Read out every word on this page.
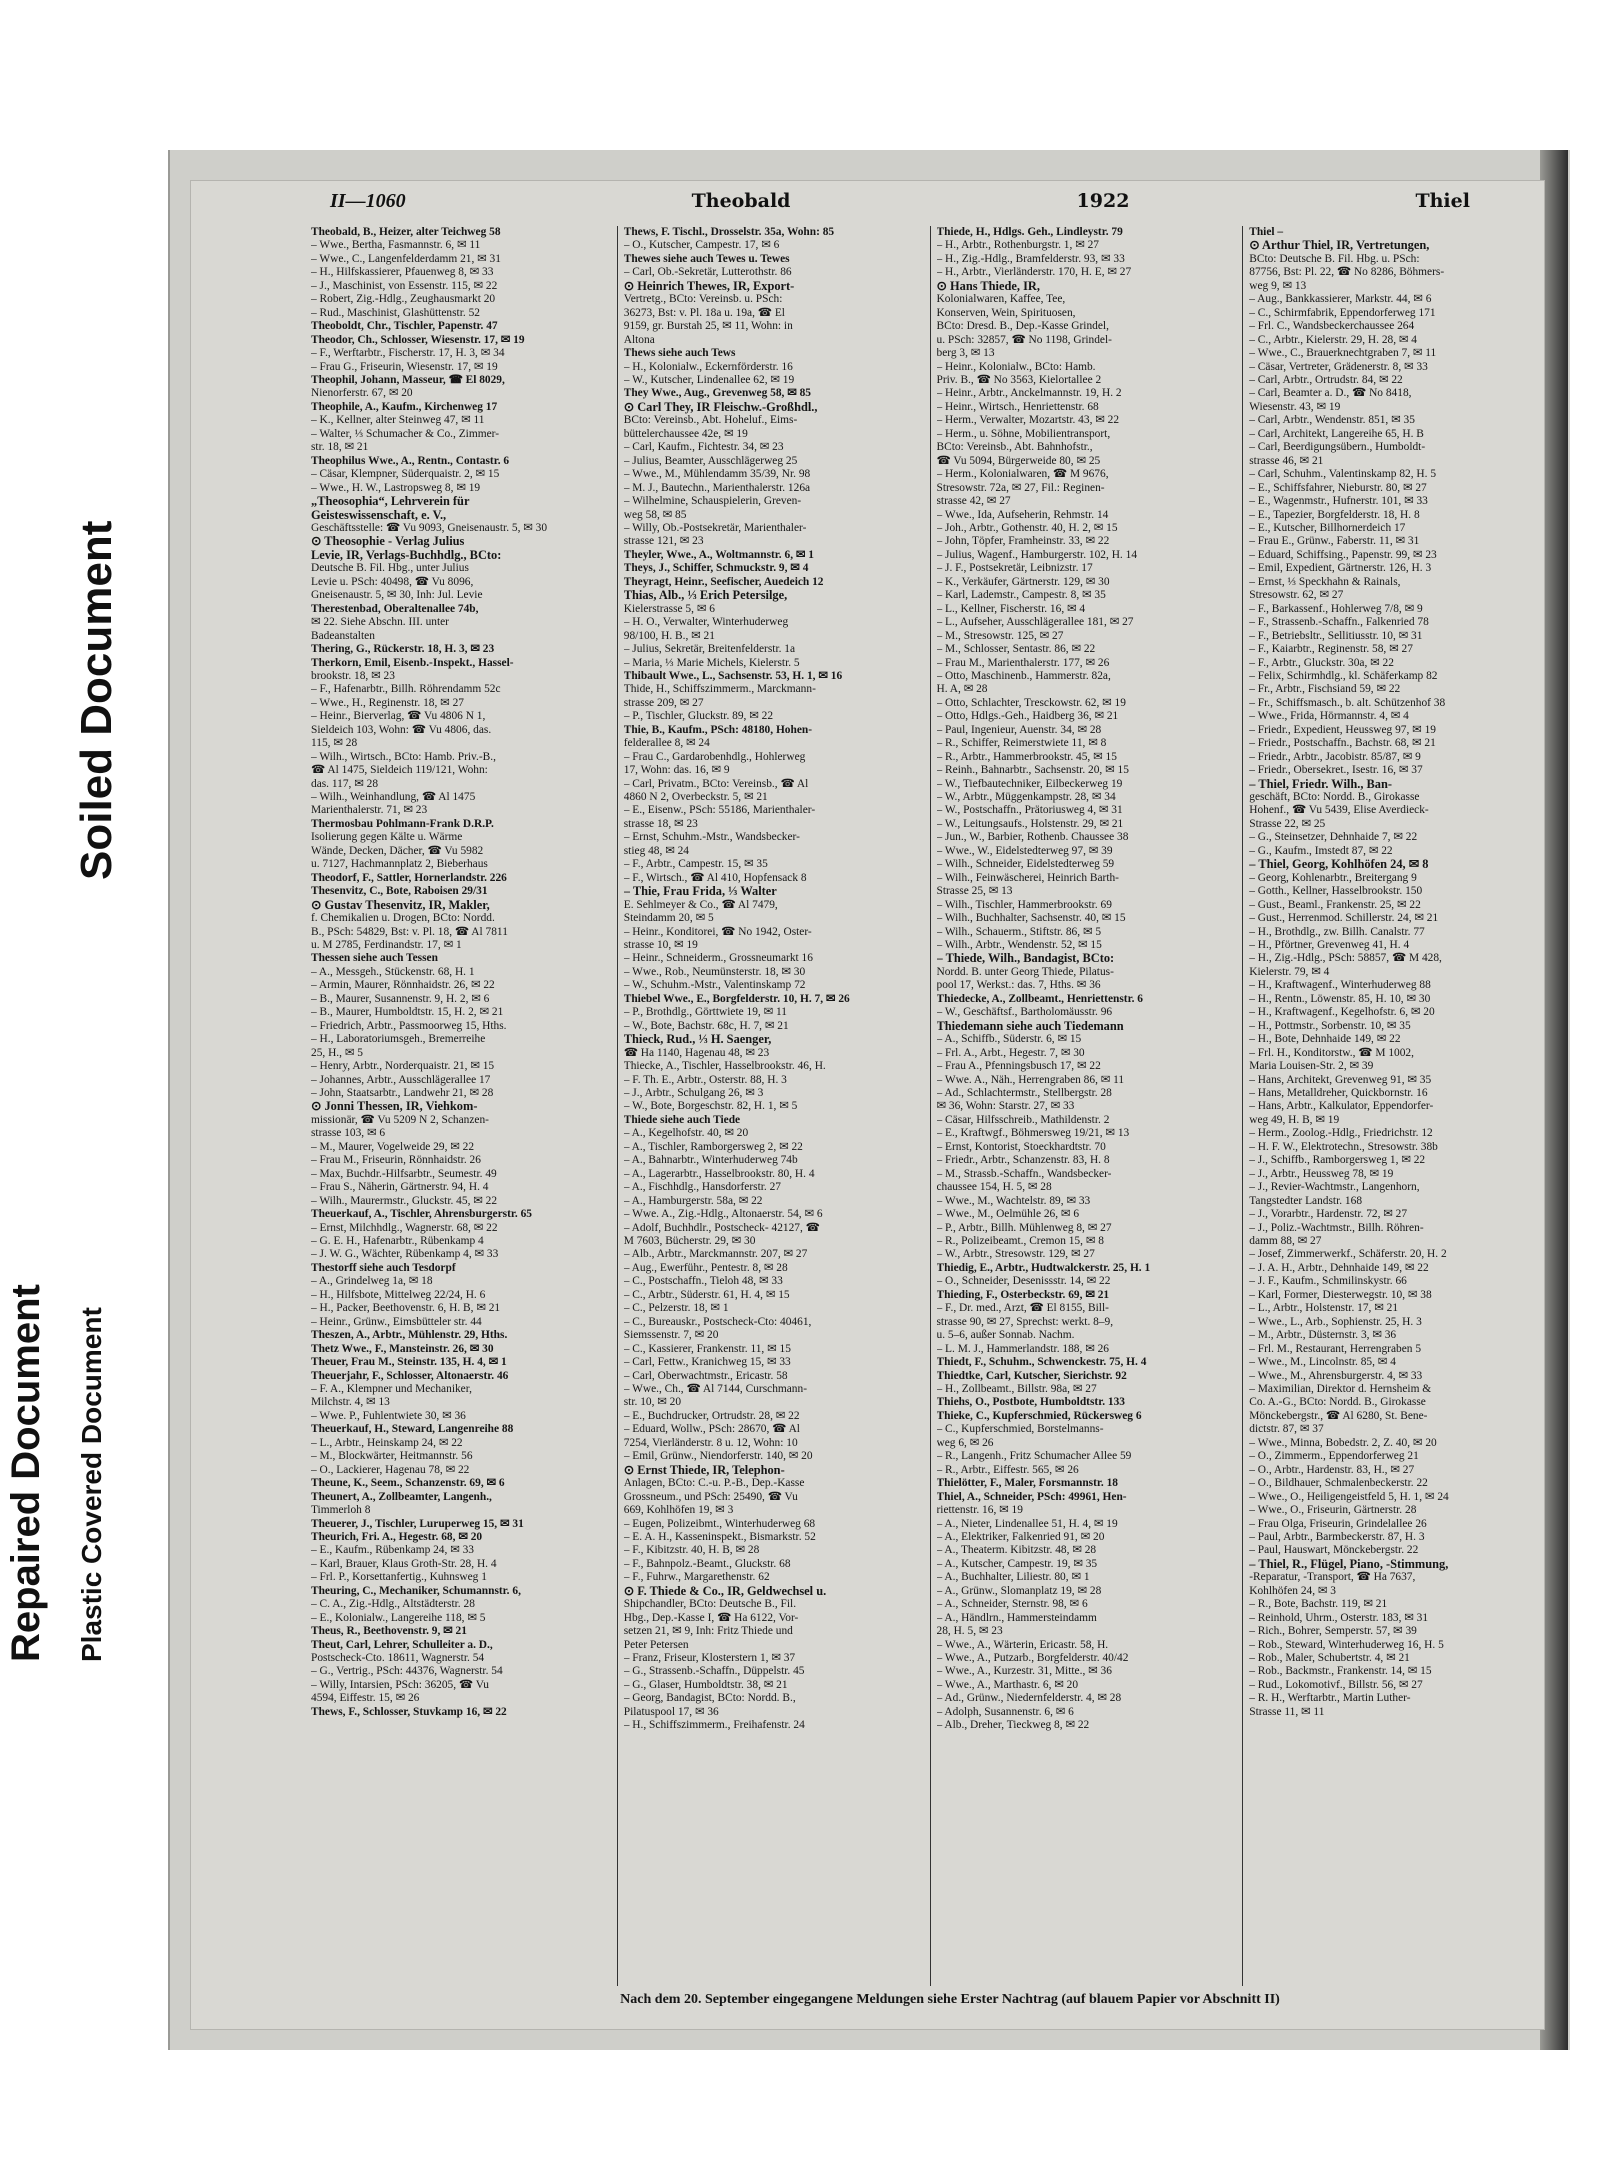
Soiled Document
Repaired Document Plastic Covered Document
II—1060	Theobald	1922	Thiel

Theobald, B., Heizer, alter Teichweg 58

– Wwe., Bertha, Fasmannstr. 6, ✉ 11

– Wwe., C., Langenfelderdamm 21, ✉ 31

– H., Hilfskassierer, Pfauenweg 8, ✉ 33

– J., Maschinist, von Essenstr. 115, ✉ 22

– Robert, Zig.-Hdlg., Zeughausmarkt 20

– Rud., Maschinist, Glashüttenstr. 52

Theoboldt, Chr., Tischler, Papenstr. 47

Theodor, Ch., Schlosser, Wiesenstr. 17, ✉ 19

– F., Werftarbtr., Fischerstr. 17, H. 3, ✉ 34

– Frau G., Friseurin, Wiesenstr. 17, ✉ 19

Theophil, Johann, Masseur, ☎ El 8029,

Nienorferstr. 67, ✉ 20

Theophile, A., Kaufm., Kirchenweg 17

– K., Kellner, alter Steinweg 47, ✉ 11

– Walter, ⅓ Schumacher & Co., Zimmer-

str. 18, ✉ 21

Theophilus Wwe., A., Rentn., Contastr. 6

– Cäsar, Klempner, Süderquaistr. 2, ✉ 15

– Wwe., H. W., Lastropsweg 8, ✉ 19

„Theosophia“, Lehrverein für

Geisteswissenschaft, e. V.,

Geschäftsstelle: ☎ Vu 9093, Gneisenaustr. 5, ✉ 30

⊙ Theosophie - Verlag Julius

Levie, IR, Verlags-Buchhdlg., BCto:

Deutsche B. Fil. Hbg., unter Julius

Levie u. PSch: 40498, ☎ Vu 8096,

Gneisenaustr. 5, ✉ 30, Inh: Jul. Levie

Therestenbad, Oberaltenallee 74b,

✉ 22. Siehe Abschn. III. unter

Badeanstalten

Thering, G., Rückerstr. 18, H. 3, ✉ 23

Therkorn, Emil, Eisenb.-Inspekt., Hassel-

brookstr. 18, ✉ 23

– F., Hafenarbtr., Billh. Röhrendamm 52c

– Wwe., H., Reginenstr. 18, ✉ 27

– Heinr., Bierverlag, ☎ Vu 4806 N 1,

Sieldeich 103, Wohn: ☎ Vu 4806, das.

115, ✉ 28

– Wilh., Wirtsch., BCto: Hamb. Priv.-B.,

☎ Al 1475, Sieldeich 119/121, Wohn:

das. 117, ✉ 28

– Wilh., Weinhandlung, ☎ Al 1475

Marienthalerstr. 71, ✉ 23

Thermosbau Pohlmann-Frank D.R.P.

Isolierung gegen Kälte u. Wärme

Wände, Decken, Dächer, ☎ Vu 5982

u. 7127, Hachmannplatz 2, Bieberhaus

Theodorf, F., Sattler, Hornerlandstr. 226

Thesenvitz, C., Bote, Raboisen 29/31

⊙ Gustav Thesenvitz, IR, Makler,

f. Chemikalien u. Drogen, BCto: Nordd.

B., PSch: 54829, Bst: v. Pl. 18, ☎ Al 7811

u. M 2785, Ferdinandstr. 17, ✉ 1

Thessen siehe auch Tessen

– A., Messgeh., Stückenstr. 68, H. 1

– Armin, Maurer, Rönnhaidstr. 26, ✉ 22

– B., Maurer, Susannenstr. 9, H. 2, ✉ 6

– B., Maurer, Humboldtstr. 15, H. 2, ✉ 21

– Friedrich, Arbtr., Passmoorweg 15, Hths.

– H., Laboratoriumsgeh., Bremerreihe

25, H., ✉ 5

– Henry, Arbtr., Norderquaistr. 21, ✉ 15

– Johannes, Arbtr., Ausschlägerallee 17

– John, Staatsarbtr., Landwehr 21, ✉ 28

⊙ Jonni Thessen, IR, Viehkom-

missionär, ☎ Vu 5209 N 2, Schanzen-

strasse 103, ✉ 6

– M., Maurer, Vogelweide 29, ✉ 22

– Frau M., Friseurin, Rönnhaidstr. 26

– Max, Buchdr.-Hilfsarbtr., Seumestr. 49

– Frau S., Näherin, Gärtnerstr. 94, H. 4

– Wilh., Maurermstr., Gluckstr. 45, ✉ 22

Theuerkauf, A., Tischler, Ahrensburgerstr. 65

– Ernst, Milchhdlg., Wagnerstr. 68, ✉ 22

– G. E. H., Hafenarbtr., Rübenkamp 4

– J. W. G., Wächter, Rübenkamp 4, ✉ 33

Thestorff siehe auch Tesdorpf

– A., Grindelweg 1a, ✉ 18

– H., Hilfsbote, Mittelweg 22/24, H. 6

– H., Packer, Beethovenstr. 6, H. B, ✉ 21

– Heinr., Grünw., Eimsbütteler str. 44

Theszen, A., Arbtr., Mühlenstr. 29, Hths.

Thetz Wwe., F., Mansteinstr. 26, ✉ 30

Theuer, Frau M., Steinstr. 135, H. 4, ✉ 1

Theuerjahr, F., Schlosser, Altonaerstr. 46

– F. A., Klempner und Mechaniker,

Milchstr. 4, ✉ 13

– Wwe. P., Fuhlentwiete 30, ✉ 36

Theuerkauf, H., Steward, Langenreihe 88

– L., Arbtr., Heinskamp 24, ✉ 22

– M., Blockwärter, Heitmannstr. 56

– O., Lackierer, Hagenau 78, ✉ 22

Theune, K., Seem., Schanzenstr. 69, ✉ 6

Theunert, A., Zollbeamter, Langenh.,

Timmerloh 8

Theuerer, J., Tischler, Luruperweg 15, ✉ 31

Theurich, Fri. A., Hegestr. 68, ✉ 20

– E., Kaufm., Rübenkamp 24, ✉ 33

– Karl, Brauer, Klaus Groth-Str. 28, H. 4

– Frl. P., Korsettanfertig., Kuhnsweg 1

Theuring, C., Mechaniker, Schumannstr. 6,

– C. A., Zig.-Hdlg., Altstädterstr. 28

– E., Kolonialw., Langereihe 118, ✉ 5

Theus, R., Beethovenstr. 9, ✉ 21

Theut, Carl, Lehrer, Schulleiter a. D.,

Postscheck-Cto. 18611, Wagnerstr. 54

– G., Vertrig., PSch: 44376, Wagnerstr. 54

– Willy, Intarsien, PSch: 36205, ☎ Vu

4594, Eiffestr. 15, ✉ 26

Thews, F., Schlosser, Stuvkamp 16, ✉ 22

Thews, F. Tischl., Drosselstr. 35a, Wohn: 85

– O., Kutscher, Campestr. 17, ✉ 6

Thewes siehe auch Tewes u. Tewes

– Carl, Ob.-Sekretär, Lutterothstr. 86

⊙ Heinrich Thewes, IR, Export-

Vertretg., BCto: Vereinsb. u. PSch:

36273, Bst: v. Pl. 18a u. 19a, ☎ El

9159, gr. Burstah 25, ✉ 11, Wohn: in

Altona

Thews siehe auch Tews

– H., Kolonialw., Eckernförderstr. 16

– W., Kutscher, Lindenallee 62, ✉ 19

They Wwe., Aug., Grevenweg 58, ✉ 85

⊙ Carl They, IR Fleischw.-Großhdl.,

BCto: Vereinsb., Abt. Hoheluf., Eims-

büttelerchaussee 42e, ✉ 19

– Carl, Kaufm., Fichtestr. 34, ✉ 23

– Julius, Beamter, Ausschlägerweg 25

– Wwe., M., Mühlendamm 35/39, Nr. 98

– M. J., Bautechn., Marienthalerstr. 126a

– Wilhelmine, Schauspielerin, Greven-

weg 58, ✉ 85

– Willy, Ob.-Postsekretär, Marienthaler-

strasse 121, ✉ 23

Theyler, Wwe., A., Woltmannstr. 6, ✉ 1

Theys, J., Schiffer, Schmuckstr. 9, ✉ 4

Theyragt, Heinr., Seefischer, Auedeich 12

Thias, Alb., ⅓ Erich Petersilge,

Kielerstrasse 5, ✉ 6

– H. O., Verwalter, Winterhuderweg

98/100, H. B., ✉ 21

– Julius, Sekretär, Breitenfelderstr. 1a

– Maria, ⅓ Marie Michels, Kielerstr. 5

Thibault Wwe., L., Sachsenstr. 53, H. 1, ✉ 16

Thide, H., Schiffszimmerm., Marckmann-

strasse 209, ✉ 27

– P., Tischler, Gluckstr. 89, ✉ 22

Thie, B., Kaufm., PSch: 48180, Hohen-

felderallee 8, ✉ 24

– Frau C., Gardarobenhdlg., Hohlerweg

17, Wohn: das. 16, ✉ 9

– Carl, Privatm., BCto: Vereinsb., ☎ Al

4860 N 2, Overbeckstr. 5, ✉ 21

– E., Eisenw., PSch: 55186, Marienthaler-

strasse 18, ✉ 23

– Ernst, Schuhm.-Mstr., Wandsbecker-

stieg 48, ✉ 24

– F., Arbtr., Campestr. 15, ✉ 35

– F., Wirtsch., ☎ Al 410, Hopfensack 8

– Thie, Frau Frida, ⅓ Walter

E. Sehlmeyer & Co., ☎ Al 7479,

Steindamm 20, ✉ 5

– Heinr., Konditorei, ☎ No 1942, Oster-

strasse 10, ✉ 19

– Heinr., Schneiderm., Grossneumarkt 16

– Wwe., Rob., Neumünsterstr. 18, ✉ 30

– W., Schuhm.-Mstr., Valentinskamp 72

Thiebel Wwe., E., Borgfelderstr. 10, H. 7, ✉ 26

– P., Brothdlg., Görttwiete 19, ✉ 11

– W., Bote, Bachstr. 68c, H. 7, ✉ 21

Thieck, Rud., ⅓ H. Saenger,

☎ Ha 1140, Hagenau 48, ✉ 23

Thiecke, A., Tischler, Hasselbrookstr. 46, H.

– F. Th. E., Arbtr., Osterstr. 88, H. 3

– J., Arbtr., Schulgang 26, ✉ 3

– W., Bote, Borgeschstr. 82, H. 1, ✉ 5

Thiede siehe auch Tiede

– A., Kegelhofstr. 40, ✉ 20

– A., Tischler, Ramborgersweg 2, ✉ 22

– A., Bahnarbtr., Winterhuderweg 74b

– A., Lagerarbtr., Hasselbrookstr. 80, H. 4

– A., Fischhdlg., Hansdorferstr. 27

– A., Hamburgerstr. 58a, ✉ 22

– Wwe. A., Zig.-Hdlg., Altonaerstr. 54, ✉ 6

– Adolf, Buchhdlr., Postscheck- 42127, ☎

M 7603, Bücherstr. 29, ✉ 30

– Alb., Arbtr., Marckmannstr. 207, ✉ 27

– Aug., Ewerführ., Pentestr. 8, ✉ 28

– C., Postschaffn., Tieloh 48, ✉ 33

– C., Arbtr., Süderstr. 61, H. 4, ✉ 15

– C., Pelzerstr. 18, ✉ 1

– C., Bureauskr., Postscheck-Cto: 40461,

Siemssenstr. 7, ✉ 20

– C., Kassierer, Frankenstr. 11, ✉ 15

– Carl, Fettw., Kranichweg 15, ✉ 33

– Carl, Oberwachtmstr., Ericastr. 58

– Wwe., Ch., ☎ Al 7144, Curschmann-

str. 10, ✉ 20

– E., Buchdrucker, Ortrudstr. 28, ✉ 22

– Eduard, Wollw., PSch: 28670, ☎ Al

7254, Vierländerstr. 8 u. 12, Wohn: 10

– Emil, Grünw., Niendorferstr. 140, ✉ 20

⊙ Ernst Thiede, IR, Telephon-

Anlagen, BCto: C.-u. P.-B., Dep.-Kasse

Grossneum., und PSch: 25490, ☎ Vu

669, Kohlhöfen 19, ✉ 3

– Eugen, Polizeibmt., Winterhuderweg 68

– E. A. H., Kasseninspekt., Bismarkstr. 52

– F., Kibitzstr. 40, H. B, ✉ 28

– F., Bahnpolz.-Beamt., Gluckstr. 68

– F., Fuhrw., Margarethenstr. 62

⊙ F. Thiede & Co., IR, Geldwechsel u.

Shipchandler, BCto: Deutsche B., Fil.

Hbg., Dep.-Kasse I, ☎ Ha 6122, Vor-

setzen 21, ✉ 9, Inh: Fritz Thiede und

Peter Petersen

– Franz, Friseur, Klosterstern 1, ✉ 37

– G., Strassenb.-Schaffn., Düppelstr. 45

– G., Glaser, Humboldtstr. 38, ✉ 21

– Georg, Bandagist, BCto: Nordd. B.,

Pilatuspool 17, ✉ 36

– H., Schiffszimmerm., Freihafenstr. 24

Thiede, H., Hdlgs. Geh., Lindleystr. 79

– H., Arbtr., Rothenburgstr. 1, ✉ 27

– H., Zig.-Hdlg., Bramfelderstr. 93, ✉ 33

– H., Arbtr., Vierländerstr. 170, H. E, ✉ 27

⊙ Hans Thiede, IR,

Kolonialwaren, Kaffee, Tee,

Konserven, Wein, Spirituosen,

BCto: Dresd. B., Dep.-Kasse Grindel,

u. PSch: 32857, ☎ No 1198, Grindel-

berg 3, ✉ 13

– Heinr., Kolonialw., BCto: Hamb.

Priv. B., ☎ No 3563, Kielortallee 2

– Heinr., Arbtr., Anckelmannstr. 19, H. 2

– Heinr., Wirtsch., Henriettenstr. 68

– Herm., Verwalter, Mozartstr. 43, ✉ 22

– Herm., u. Söhne, Mobilientransport,

BCto: Vereinsb., Abt. Bahnhofstr.,

☎ Vu 5094, Bürgerweide 80, ✉ 25

– Herm., Kolonialwaren, ☎ M 9676,

Stresowstr. 72a, ✉ 27, Fil.: Reginen-

strasse 42, ✉ 27

– Wwe., Ida, Aufseherin, Rehmstr. 14

– Joh., Arbtr., Gothenstr. 40, H. 2, ✉ 15

– John, Töpfer, Framheinstr. 33, ✉ 22

– Julius, Wagenf., Hamburgerstr. 102, H. 14

– J. F., Postsekretär, Leibnizstr. 17

– K., Verkäufer, Gärtnerstr. 129, ✉ 30

– Karl, Lademstr., Campestr. 8, ✉ 35

– L., Kellner, Fischerstr. 16, ✉ 4

– L., Aufseher, Ausschlägerallee 181, ✉ 27

– M., Stresowstr. 125, ✉ 27

– M., Schlosser, Sentastr. 86, ✉ 22

– Frau M., Marienthalerstr. 177, ✉ 26

– Otto, Maschinenb., Hammerstr. 82a,

H. A, ✉ 28

– Otto, Schlachter, Tresckowstr. 62, ✉ 19

– Otto, Hdlgs.-Geh., Haidberg 36, ✉ 21

– Paul, Ingenieur, Auenstr. 34, ✉ 28

– R., Schiffer, Reimerstwiete 11, ✉ 8

– R., Arbtr., Hammerbrookstr. 45, ✉ 15

– Reinh., Bahnarbtr., Sachsenstr. 20, ✉ 15

– W., Tiefbautechniker, Eilbeckerweg 19

– W., Arbtr., Müggenkampstr. 28, ✉ 34

– W., Postschaffn., Prätoriusweg 4, ✉ 31

– W., Leitungsaufs., Holstenstr. 29, ✉ 21

– Jun., W., Barbier, Rothenb. Chaussee 38

– Wwe., W., Eidelstedterweg 97, ✉ 39

– Wilh., Schneider, Eidelstedterweg 59

– Wilh., Feinwäscherei, Heinrich Barth-

Strasse 25, ✉ 13

– Wilh., Tischler, Hammerbrookstr. 69

– Wilh., Buchhalter, Sachsenstr. 40, ✉ 15

– Wilh., Schauerm., Stiftstr. 86, ✉ 5

– Wilh., Arbtr., Wendenstr. 52, ✉ 15

– Thiede, Wilh., Bandagist, BCto:

Nordd. B. unter Georg Thiede, Pilatus-

pool 17, Werkst.: das. 7, Hths. ✉ 36

Thiedecke, A., Zollbeamt., Henriettenstr. 6

– W., Geschäftsf., Bartholomäusstr. 96

Thiedemann siehe auch Tiedemann

– A., Schiffb., Süderstr. 6, ✉ 15

– Frl. A., Arbt., Hegestr. 7, ✉ 30

– Frau A., Pfenningsbusch 17, ✉ 22

– Wwe. A., Näh., Herrengraben 86, ✉ 11

– Ad., Schlachtermstr., Stellbergstr. 28

✉ 36, Wohn: Starstr. 27, ✉ 33

– Cäsar, Hilfsschreib., Mathildenstr. 2

– E., Kraftwgf., Böhmersweg 19/21, ✉ 13

– Ernst, Kontorist, Stoeckhardtstr. 70

– Friedr., Arbtr., Schanzenstr. 83, H. 8

– M., Strassb.-Schaffn., Wandsbecker-

chaussee 154, H. 5, ✉ 28

– Wwe., M., Wachtelstr. 89, ✉ 33

– Wwe., M., Oelmühle 26, ✉ 6

– P., Arbtr., Billh. Mühlenweg 8, ✉ 27

– R., Polizeibeamt., Cremon 15, ✉ 8

– W., Arbtr., Stresowstr. 129, ✉ 27

Thiedig, E., Arbtr., Hudtwalckerstr. 25, H. 1

– O., Schneider, Desenissstr. 14, ✉ 22

Thieding, F., Osterbeckstr. 69, ✉ 21

– F., Dr. med., Arzt, ☎ El 8155, Bill-

strasse 90, ✉ 27, Sprechst: werkt. 8–9,

u. 5–6, außer Sonnab. Nachm.

– L. M. J., Hammerlandstr. 188, ✉ 26

Thiedt, F., Schuhm., Schwenckestr. 75, H. 4

Thiedtke, Carl, Kutscher, Sierichstr. 92

– H., Zollbeamt., Billstr. 98a, ✉ 27

Thiehs, O., Postbote, Humboldtstr. 133

Thieke, C., Kupferschmied, Rückersweg 6

– C., Kupferschmied, Borstelmanns-

weg 6, ✉ 26

– R., Langenh., Fritz Schumacher Allee 59

– R., Arbtr., Eiffestr. 565, ✉ 26

Thielötter, F., Maler, Forsmannstr. 18

Thiel, A., Schneider, PSch: 49961, Hen-

riettenstr. 16, ✉ 19

– A., Nieter, Lindenallee 51, H. 4, ✉ 19

– A., Elektriker, Falkenried 91, ✉ 20

– A., Theaterm. Kibitzstr. 48, ✉ 28

– A., Kutscher, Campestr. 19, ✉ 35

– A., Buchhalter, Liliestr. 80, ✉ 1

– A., Grünw., Slomanplatz 19, ✉ 28

– A., Schneider, Sternstr. 98, ✉ 6

– A., Händlrn., Hammersteindamm

28, H. 5, ✉ 23

– Wwe., A., Wärterin, Ericastr. 58, H.

– Wwe., A., Putzarb., Borgfelderstr. 40/42

– Wwe., A., Kurzestr. 31, Mitte., ✉ 36

– Wwe., A., Marthastr. 6, ✉ 20

– Ad., Grünw., Niedernfelderstr. 4, ✉ 28

– Adolph, Susannenstr. 6, ✉ 6

– Alb., Dreher, Tieckweg 8, ✉ 22

Thiel –

⊙ Arthur Thiel, IR, Vertretungen,

BCto: Deutsche B. Fil. Hbg. u. PSch:

87756, Bst: Pl. 22, ☎ No 8286, Böhmers-

weg 9, ✉ 13

– Aug., Bankkassierer, Markstr. 44, ✉ 6

– C., Schirmfabrik, Eppendorferweg 171

– Frl. C., Wandsbeckerchaussee 264

– C., Arbtr., Kielerstr. 29, H. 28, ✉ 4

– Wwe., C., Brauerknechtgraben 7, ✉ 11

– Cäsar, Vertreter, Grädenerstr. 8, ✉ 33

– Carl, Arbtr., Ortrudstr. 84, ✉ 22

– Carl, Beamter a. D., ☎ No 8418,

Wiesenstr. 43, ✉ 19

– Carl, Arbtr., Wendenstr. 851, ✉ 35

– Carl, Architekt, Langereihe 65, H. B

– Carl, Beerdigungsübern., Humboldt-

strasse 46, ✉ 21

– Carl, Schuhm., Valentinskamp 82, H. 5

– E., Schiffsfahrer, Nieburstr. 80, ✉ 27

– E., Wagenmstr., Hufnerstr. 101, ✉ 33

– E., Tapezier, Borgfelderstr. 18, H. 8

– E., Kutscher, Billhornerdeich 17

– Frau E., Grünw., Faberstr. 11, ✉ 31

– Eduard, Schiffsing., Papenstr. 99, ✉ 23

– Emil, Expedient, Gärtnerstr. 126, H. 3

– Ernst, ⅓ Speckhahn & Rainals,

Stresowstr. 62, ✉ 27

– F., Barkassenf., Hohlerweg 7/8, ✉ 9

– F., Strassenb.-Schaffn., Falkenried 78

– F., Betriebsltr., Sellitiusstr. 10, ✉ 31

– F., Kaiarbtr., Reginenstr. 58, ✉ 27

– F., Arbtr., Gluckstr. 30a, ✉ 22

– Felix, Schirmhdlg., kl. Schäferkamp 82

– Fr., Arbtr., Fischsiand 59, ✉ 22

– Fr., Schiffsmasch., b. alt. Schützenhof 38

– Wwe., Frida, Hörmannstr. 4, ✉ 4

– Friedr., Expedient, Heussweg 97, ✉ 19

– Friedr., Postschaffn., Bachstr. 68, ✉ 21

– Friedr., Arbtr., Jacobistr. 85/87, ✉ 9

– Friedr., Obersekret., Isestr. 16, ✉ 37

– Thiel, Friedr. Wilh., Ban-

geschäft, BCto: Nordd. B., Girokasse

Hohenf., ☎ Vu 5439, Elise Averdieck-

Strasse 22, ✉ 25

– G., Steinsetzer, Dehnhaide 7, ✉ 22

– G., Kaufm., Imstedt 87, ✉ 22

– Thiel, Georg, Kohlhöfen 24, ✉ 8

– Georg, Kohlenarbtr., Breitergang 9

– Gotth., Kellner, Hasselbrookstr. 150

– Gust., Beaml., Frankenstr. 25, ✉ 22

– Gust., Herrenmod. Schillerstr. 24, ✉ 21

– H., Brothdlg., zw. Billh. Canalstr. 77

– H., Pförtner, Grevenweg 41, H. 4

– H., Zig.-Hdlg., PSch: 58857, ☎ M 428,

Kielerstr. 79, ✉ 4

– H., Kraftwagenf., Winterhuderweg 88

– H., Rentn., Löwenstr. 85, H. 10, ✉ 30

– H., Kraftwagenf., Kegelhofstr. 6, ✉ 20

– H., Pottmstr., Sorbenstr. 10, ✉ 35

– H., Bote, Dehnhaide 149, ✉ 22

– Frl. H., Konditorstw., ☎ M 1002,

Maria Louisen-Str. 2, ✉ 39

– Hans, Architekt, Grevenweg 91, ✉ 35

– Hans, Metalldreher, Quickbornstr. 16

– Hans, Arbtr., Kalkulator, Eppendorfer-

weg 49, H. B, ✉ 19

– Herm., Zoolog.-Hdlg., Friedrichstr. 12

– H. F. W., Elektrotechn., Stresowstr. 38b

– J., Schiffb., Ramborgersweg 1, ✉ 22

– J., Arbtr., Heussweg 78, ✉ 19

– J., Revier-Wachtmstr., Langenhorn,

Tangstedter Landstr. 168

– J., Vorarbtr., Hardenstr. 72, ✉ 27

– J., Poliz.-Wachtmstr., Billh. Röhren-

damm 88, ✉ 27

– Josef, Zimmerwerkf., Schäferstr. 20, H. 2

– J. A. H., Arbtr., Dehnhaide 149, ✉ 22

– J. F., Kaufm., Schmilinskystr. 66

– Karl, Former, Diesterwegstr. 10, ✉ 38

– L., Arbtr., Holstenstr. 17, ✉ 21

– Wwe., L., Arb., Sophienstr. 25, H. 3

– M., Arbtr., Düsternstr. 3, ✉ 36

– Frl. M., Restaurant, Herrengraben 5

– Wwe., M., Lincolnstr. 85, ✉ 4

– Wwe., M., Ahrensburgerstr. 4, ✉ 33

– Maximilian, Direktor d. Hernsheim &

Co. A.-G., BCto: Nordd. B., Girokasse

Mönckebergstr., ☎ Al 6280, St. Bene-

dictstr. 87, ✉ 37

– Wwe., Minna, Bobedstr. 2, Z. 40, ✉ 20

– O., Zimmerm., Eppendorferweg 21

– O., Arbtr., Hardenstr. 83, H., ✉ 27

– O., Bildhauer, Schmalenbeckerstr. 22

– Wwe., O., Heiligengeistfeld 5, H. 1, ✉ 24

– Wwe., O., Friseurin, Gärtnerstr. 28

– Frau Olga, Friseurin, Grindelallee 26

– Paul, Arbtr., Barmbeckerstr. 87, H. 3

– Paul, Hauswart, Mönckebergstr. 22

– Thiel, R., Flügel, Piano, -Stimmung,

-Reparatur, -Transport, ☎ Ha 7637,

Kohlhöfen 24, ✉ 3

– R., Bote, Bachstr. 119, ✉ 21

– Reinhold, Uhrm., Osterstr. 183, ✉ 31

– Rich., Bohrer, Semperstr. 57, ✉ 39

– Rob., Steward, Winterhuderweg 16, H. 5

– Rob., Maler, Schubertstr. 4, ✉ 21

– Rob., Backmstr., Frankenstr. 14, ✉ 15

– Rud., Lokomotivf., Billstr. 56, ✉ 27

– R. H., Werftarbtr., Martin Luther-

Strasse 11, ✉ 11

Nach dem 20. September eingegangene Meldungen siehe Erster Nachtrag (auf blauem Papier vor Abschnitt II)
